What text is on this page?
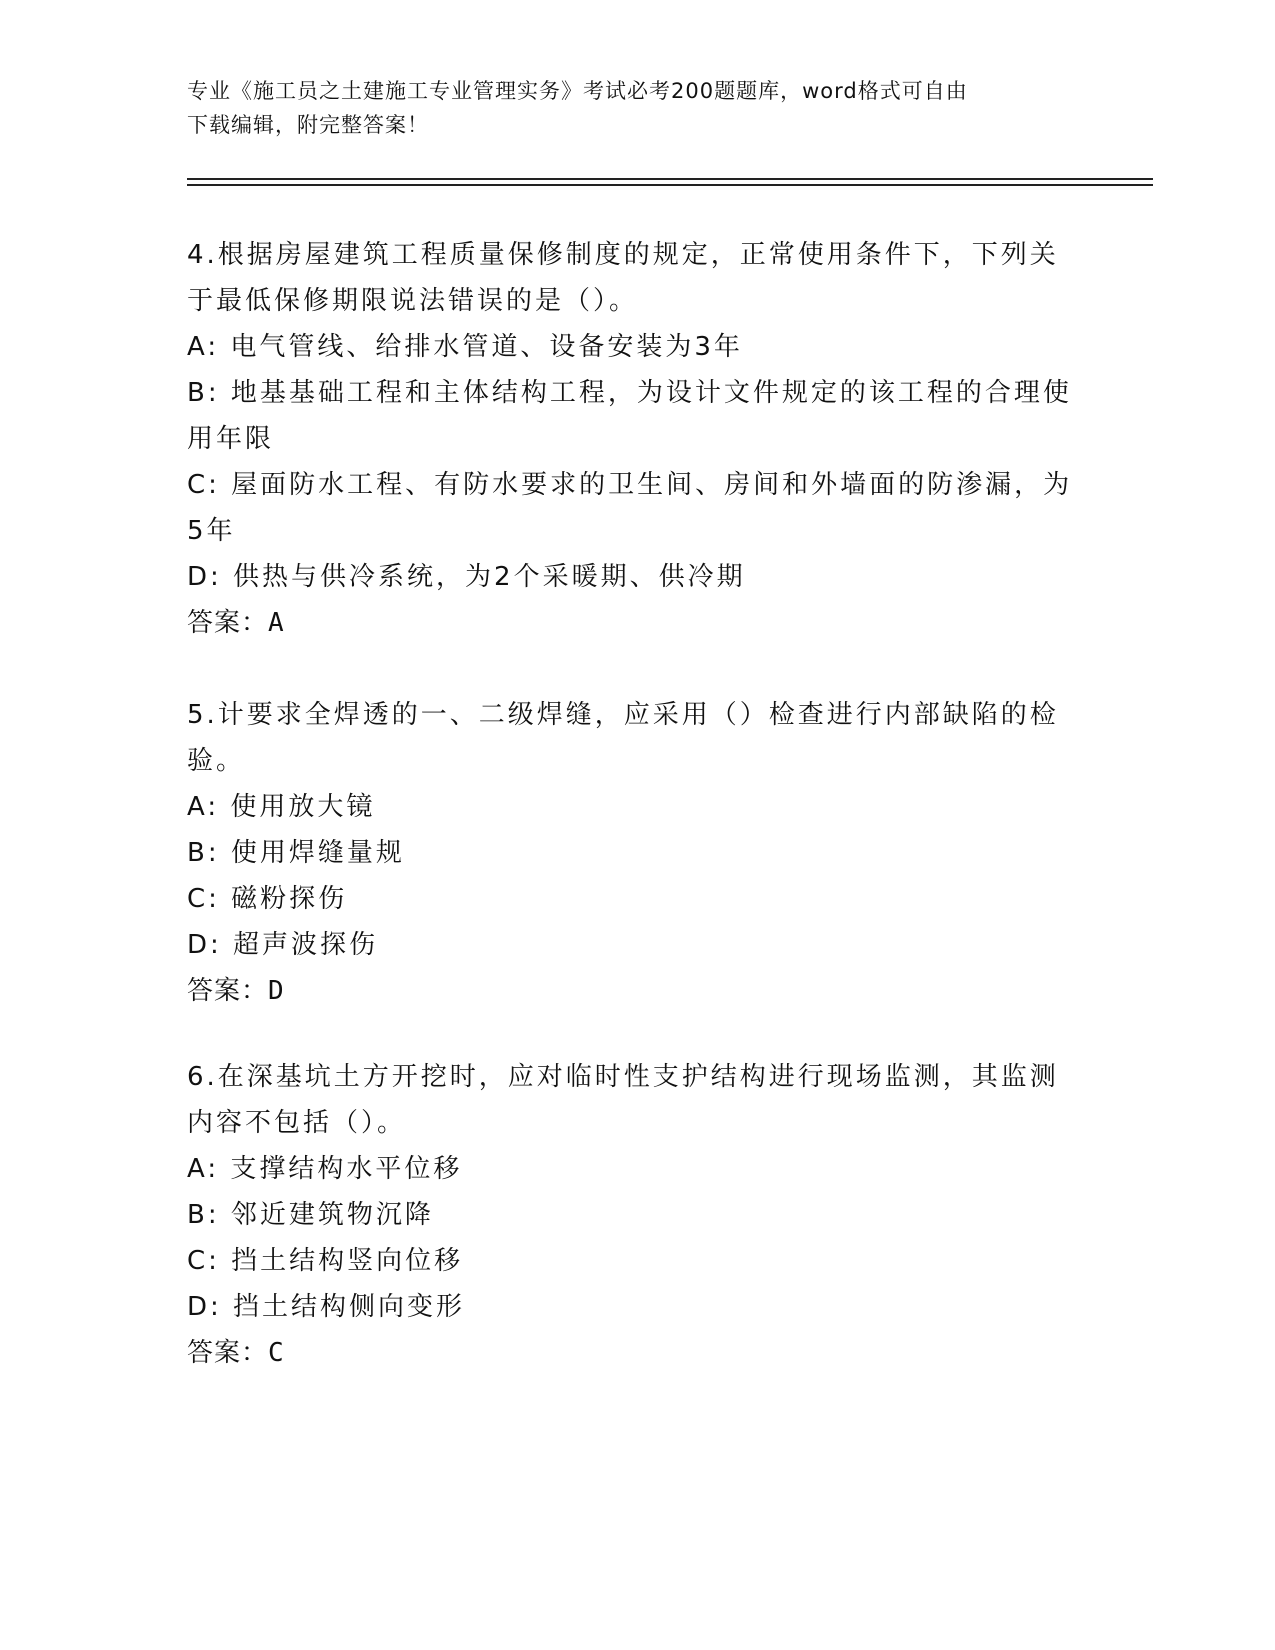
专业《施工员之土建施工专业管理实务》考试必考200题题库，word格式可自由
下载编辑，附完整答案！
4.根据房屋建筑工程质量保修制度的规定，正常使用条件下，下列关
于最低保修期限说法错误的是（）。
A: 电气管线、给排水管道、设备安装为3年
B: 地基基础工程和主体结构工程，为设计文件规定的该工程的合理使
用年限
C: 屋面防水工程、有防水要求的卫生间、房间和外墙面的防渗漏，为
5年
D: 供热与供冷系统，为2个采暖期、供冷期
答案：A
5.计要求全焊透的一、二级焊缝，应采用（）检查进行内部缺陷的检
验。
A: 使用放大镜
B: 使用焊缝量规
C: 磁粉探伤
D: 超声波探伤
答案：D
6.在深基坑土方开挖时，应对临时性支护结构进行现场监测，其监测
内容不包括（）。
A: 支撑结构水平位移
B: 邻近建筑物沉降
C: 挡土结构竖向位移
D: 挡土结构侧向变形
答案：C
